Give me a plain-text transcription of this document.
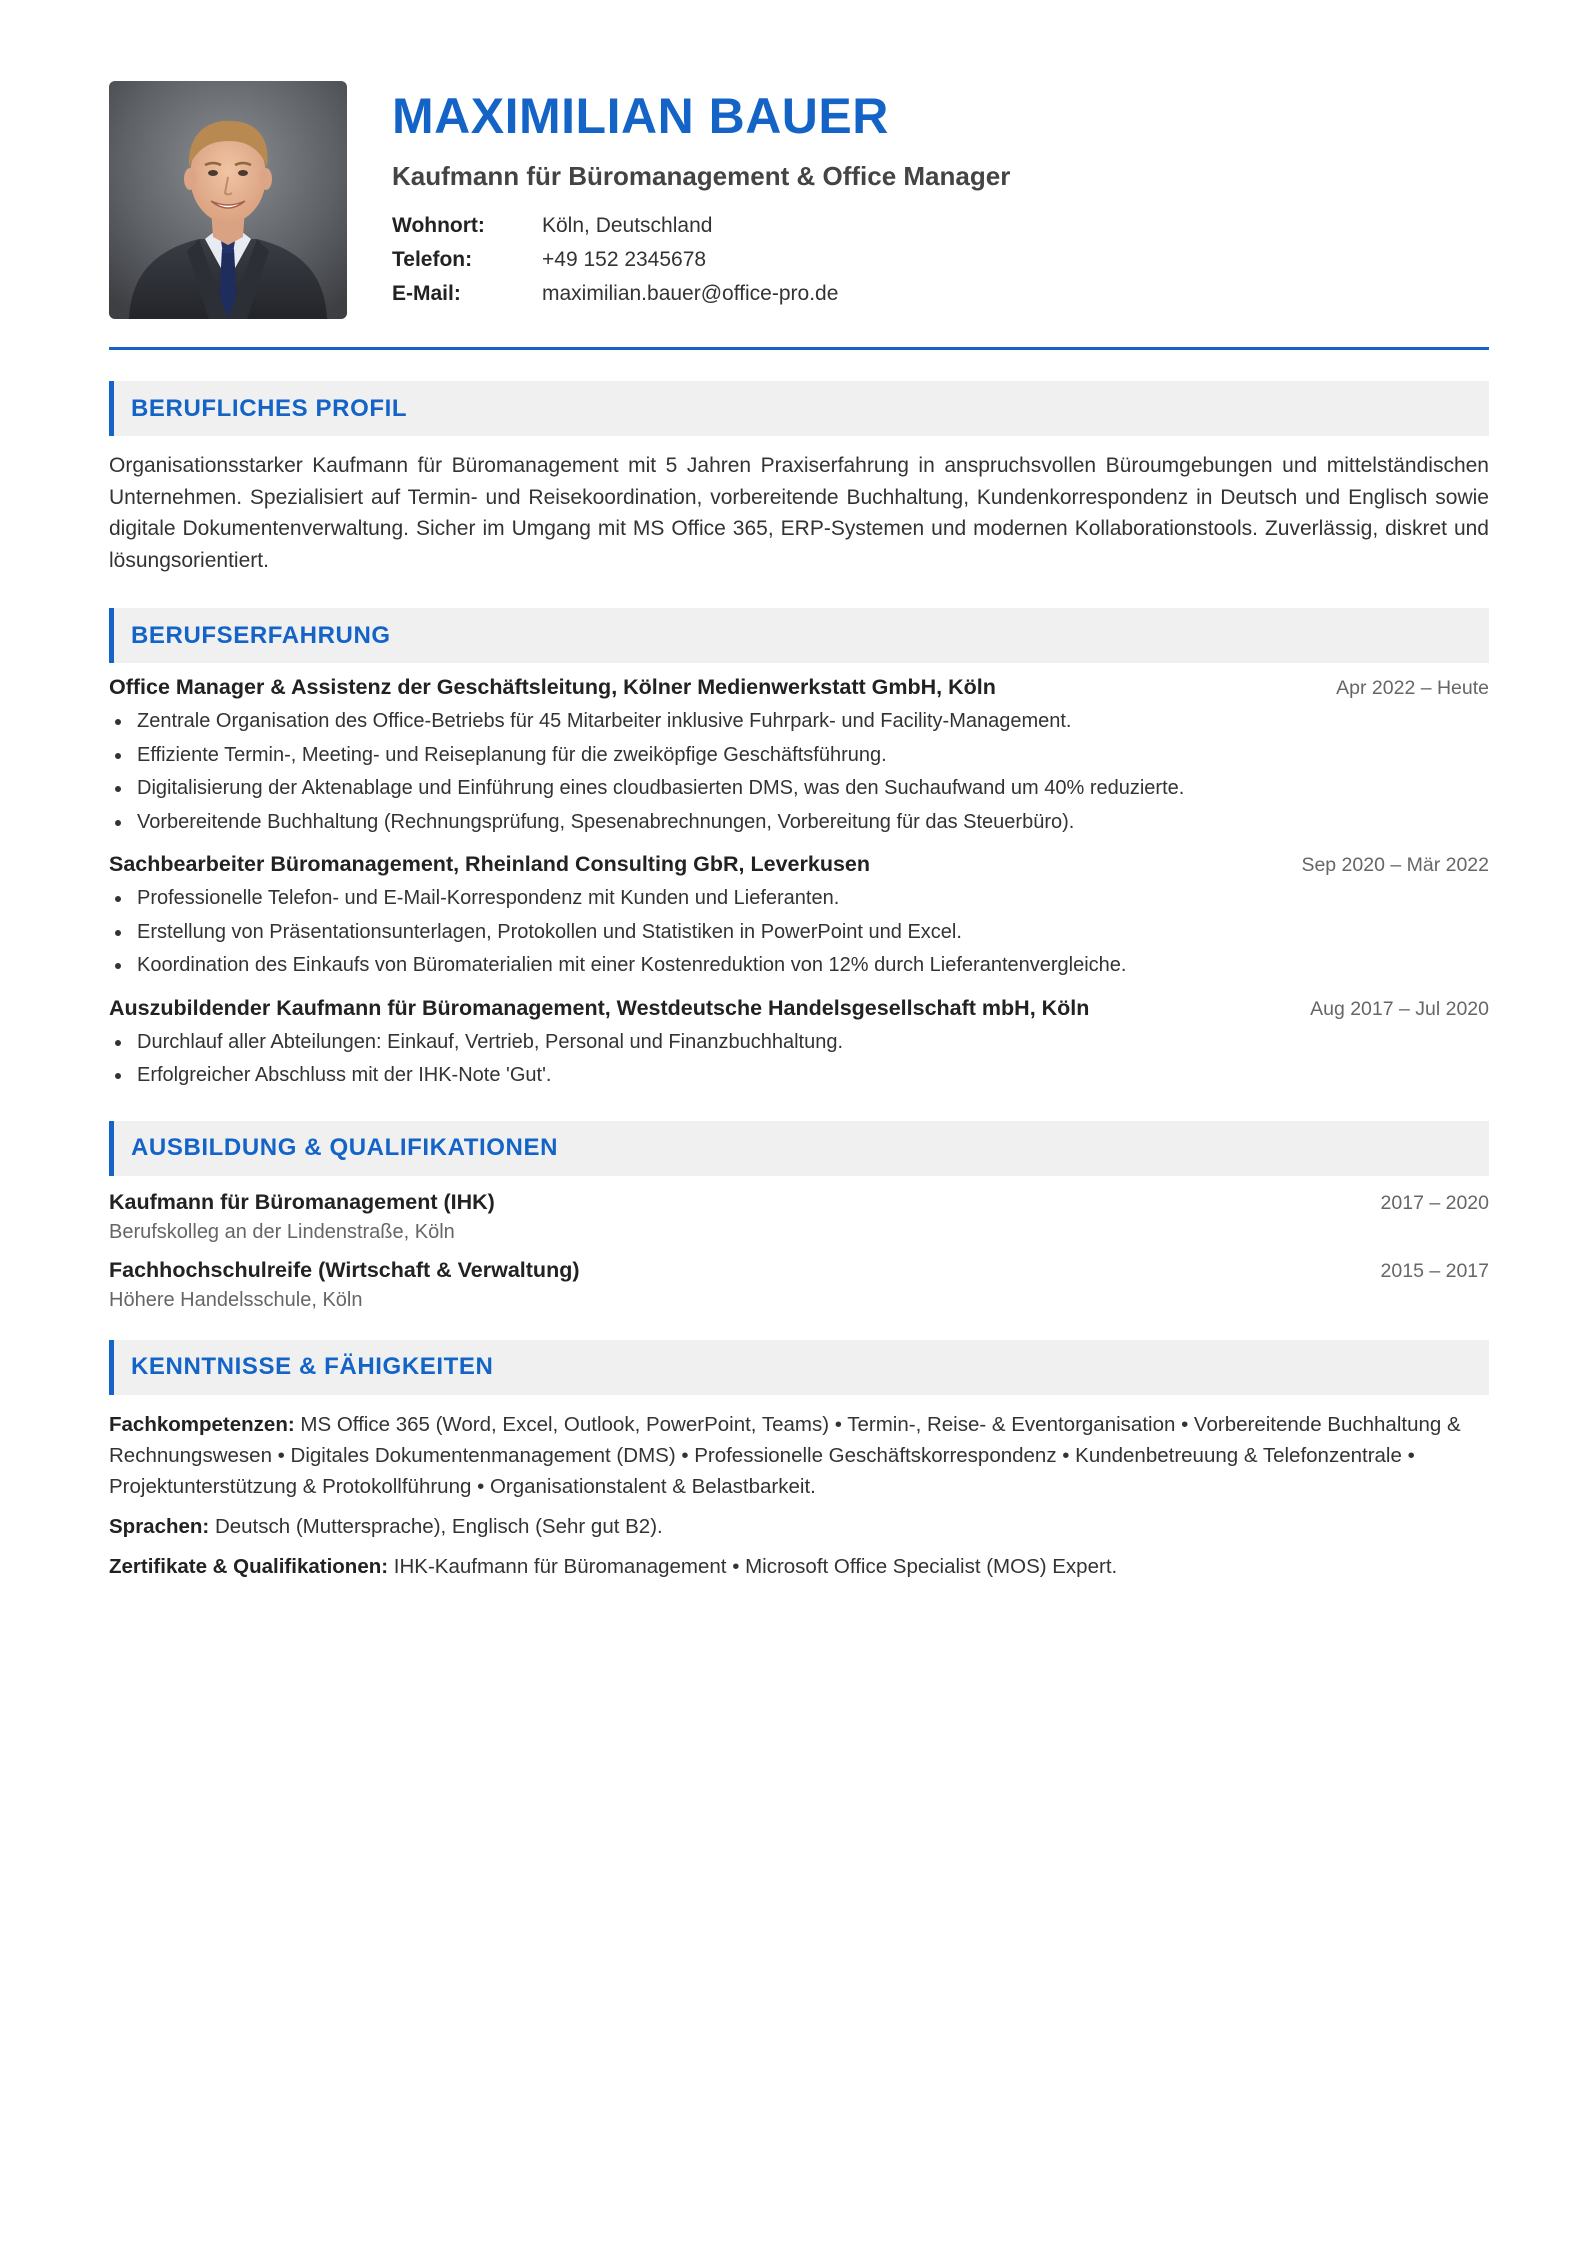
MAXIMILIAN BAUER
Kaufmann für Büromanagement & Office Manager
Wohnort:	Köln, Deutschland
Telefon:	+49 152 2345678
E-Mail:	maximilian.bauer@office-pro.de
BERUFLICHES PROFIL
Organisationsstarker Kaufmann für Büromanagement mit 5 Jahren Praxiserfahrung in anspruchsvollen Büroumgebungen und mittelständischen Unternehmen. Spezialisiert auf Termin- und Reisekoordination, vorbereitende Buchhaltung, Kundenkorrespondenz in Deutsch und Englisch sowie digitale Dokumentenverwaltung. Sicher im Umgang mit MS Office 365, ERP-Systemen und modernen Kollaborationstools. Zuverlässig, diskret und lösungsorientiert.
BERUFSERFAHRUNG
Office Manager & Assistenz der Geschäftsleitung, Kölner Medienwerkstatt GmbH, Köln	Apr 2022 – Heute
Zentrale Organisation des Office-Betriebs für 45 Mitarbeiter inklusive Fuhrpark- und Facility-Management.
Effiziente Termin-, Meeting- und Reiseplanung für die zweiköpfige Geschäftsführung.
Digitalisierung der Aktenablage und Einführung eines cloudbasierten DMS, was den Suchaufwand um 40% reduzierte.
Vorbereitende Buchhaltung (Rechnungsprüfung, Spesenabrechnungen, Vorbereitung für das Steuerbüro).
Sachbearbeiter Büromanagement, Rheinland Consulting GbR, Leverkusen	Sep 2020 – Mär 2022
Professionelle Telefon- und E-Mail-Korrespondenz mit Kunden und Lieferanten.
Erstellung von Präsentationsunterlagen, Protokollen und Statistiken in PowerPoint und Excel.
Koordination des Einkaufs von Büromaterialien mit einer Kostenreduktion von 12% durch Lieferantenvergleiche.
Auszubildender Kaufmann für Büromanagement, Westdeutsche Handelsgesellschaft mbH, Köln	Aug 2017 – Jul 2020
Durchlauf aller Abteilungen: Einkauf, Vertrieb, Personal und Finanzbuchhaltung.
Erfolgreicher Abschluss mit der IHK-Note 'Gut'.
AUSBILDUNG & QUALIFIKATIONEN
Kaufmann für Büromanagement (IHK)	2017 – 2020
Berufskolleg an der Lindenstraße, Köln
Fachhochschulreife (Wirtschaft & Verwaltung)	2015 – 2017
Höhere Handelsschule, Köln
KENNTNISSE & FÄHIGKEITEN

Fachkompetenzen: MS Office 365 (Word, Excel, Outlook, PowerPoint, Teams) • Termin-, Reise- & Eventorganisation • Vorbereitende Buchhaltung & Rechnungswesen • Digitales Dokumentenmanagement (DMS) • Professionelle Geschäftskorrespondenz • Kundenbetreuung & Telefonzentrale • Projektunterstützung & Protokollführung • Organisationstalent & Belastbarkeit.

Sprachen: Deutsch (Muttersprache), Englisch (Sehr gut B2).

Zertifikate & Qualifikationen: IHK-Kaufmann für Büromanagement • Microsoft Office Specialist (MOS) Expert.
